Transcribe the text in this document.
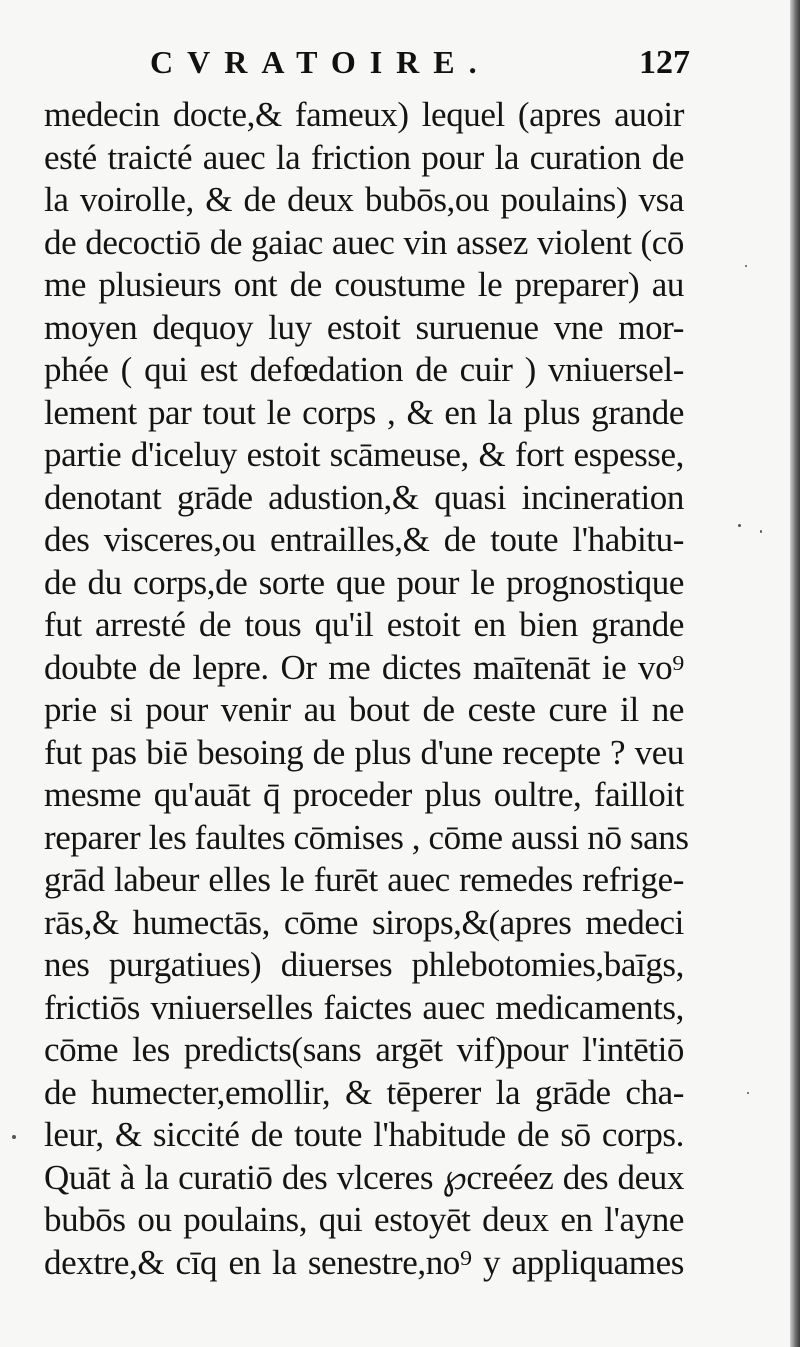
CVRATOIRE.	127
medecin docte,& fameux) lequel (apres auoir
esté traicté auec la friction pour la curation de
la voirolle, & de deux bubōs,ou poulains) vsa
de decoctiō de gaiac auec vin assez violent (cō
me plusieurs ont de coustume le preparer) au
moyen dequoy luy estoit suruenue vne mor-
phée ( qui est defœdation de cuir ) vniuersel-
lement par tout le corps , & en la plus grande
partie d'iceluy estoit scāmeuse, & fort espesse,
denotant grāde adustion,& quasi incineration
des visceres,ou entrailles,& de toute l'habitu-
de du corps,de sorte que pour le prognostique
fut arresté de tous qu'il estoit en bien grande
doubte de lepre. Or me dictes maītenāt ie vo⁹
prie si pour venir au bout de ceste cure il ne
fut pas biē besoing de plus d'une recepte ? veu
mesme qu'auāt q̄ proceder plus oultre, failloit
reparer les faultes cōmises , cōme aussi nō sans
grād labeur elles le furēt auec remedes refrige-
rās,& humectās, cōme sirops,&(apres medeci
nes purgatiues) diuerses phlebotomies,baīgs,
frictiōs vniuerselles faictes auec medicaments,
cōme les predicts(sans argēt vif)pour l'intētiō
de humecter,emollir, & tēperer la grāde cha-
leur, & siccité de toute l'habitude de sō corps.
Quāt à la curatiō des vlceres ℘creéez des deux
bubōs ou poulains, qui estoyēt deux en l'ayne
dextre,& cīq en la senestre,no⁹ y appliquames
